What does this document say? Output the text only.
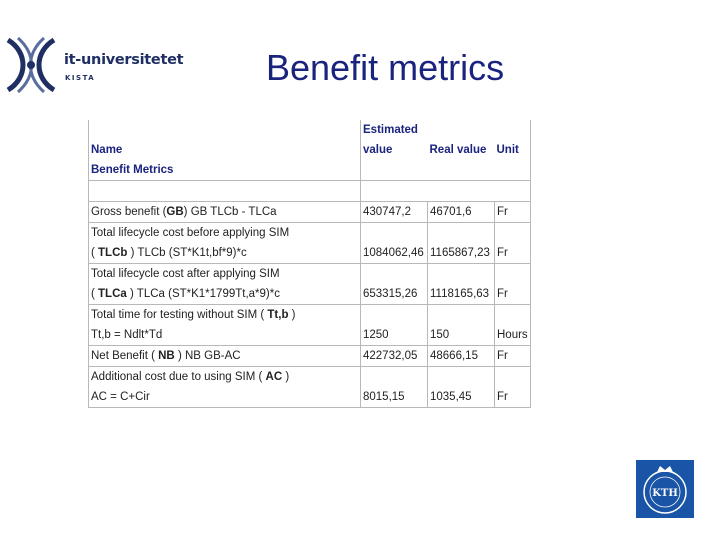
it-universitetet
KISTA	Benefit metrics
	Estimated		
Name	value	Real value	Unit
Benefit Metrics			

Gross benefit (GB) GB TLCb - TLCa	430747,2	46701,6	Fr
Total lifecycle cost before applying SIM			
( TLCb ) TLCb (ST*K1t,bf*9)*c	1084062,46	1165867,23	Fr
Total lifecycle cost after applying SIM			
( TLCa ) TLCa (ST*K1*1799Tt,a*9)*c	653315,26	1118165,63	Fr
Total time for testing without SIM ( Tt,b )			
Tt,b = Ndlt*Td	1250	150	Hours
Net Benefit ( NB ) NB GB-AC	422732,05	48666,15	Fr
Additional cost due to using SIM ( AC )			
AC = C+Cir	8015,15	1035,45	Fr
KTH
